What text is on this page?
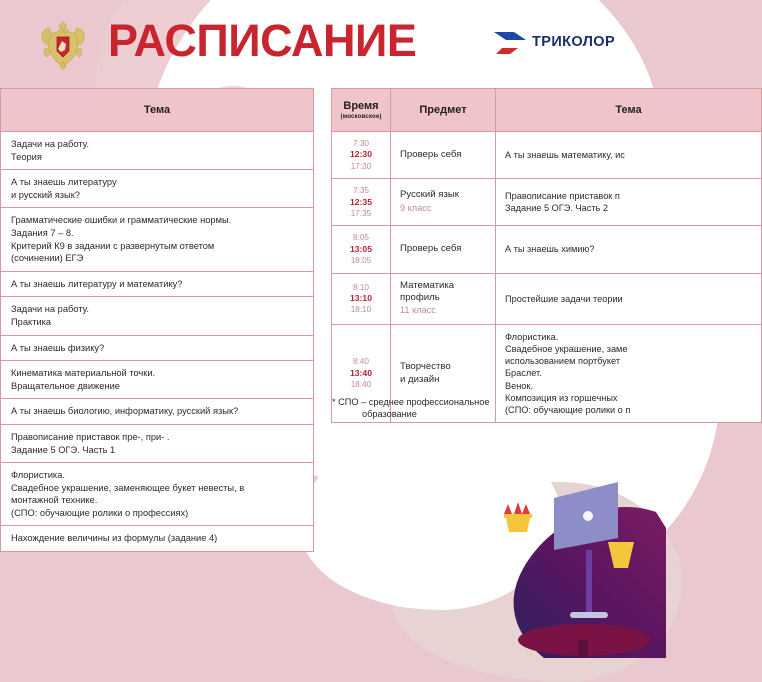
РАСПИСАНИЕ	ТРИКОЛОР
		Тема
		Задачи на работу.
Теория
		А ты знаешь литературу
и русский язык?
		Грамматические ошибки и грамматические нормы.
Задания 7 – 8.
Критерий К9 в задании с развернутым ответом
(сочинении) ЕГЭ
		А ты знаешь литературу и математику?
		Задачи на работу.
Практика
		А ты знаешь физику?
		Кинематика материальной точки.
Вращательное движение
		А ты знаешь биологию, информатику, русский язык?
		Правописание приставок пре-, при- .
Задание 5 ОГЭ. Часть 1
		Флористика.
Свадебное украшение, заменяющее букет невесты, в
монтажной технике.
(СПО: обучающие ролики о профессиях)
		Нахождение величины из формулы (задание 4)
Время
(московское)	Предмет	Тема

7:30
12:30
17:30	Проверь себя	А ты знаешь математику, ис

7:35
12:35
17:35
	Русский язык
9 класс	Правописание приставок п
Задание 5 ОГЭ. Часть 2

8:05
13:05
18:05	Проверь себя	А ты знаешь химию?

8:10
13:10
18:10
	Математика
профиль
11 класс	Простейшие задачи теории

8:40
13:40
18:40
	Творчество
и дизайн	Флористика.
Свадебное украшение, заме
использованием портбукет
Браслет.
Венок.
Композиция из горшечных
(СПО: обучающие ролики о п
* СПО – среднее профессиональное
образование
